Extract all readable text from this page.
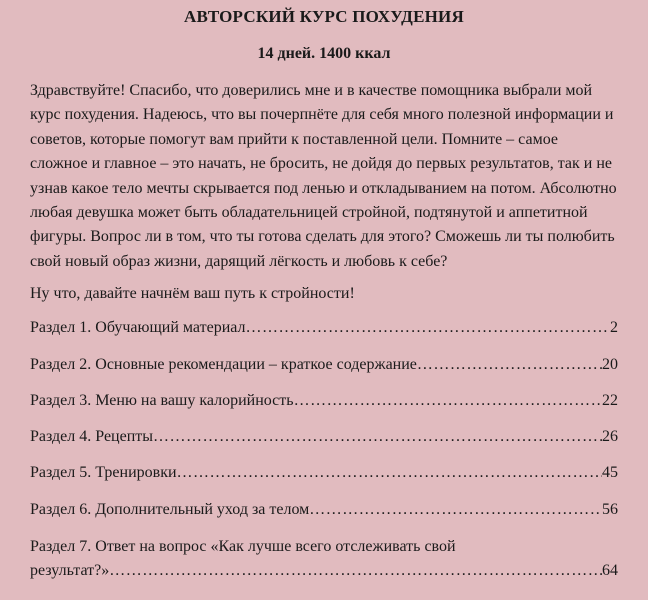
АВТОРСКИЙ КУРС ПОХУДЕНИЯ
14 дней. 1400 ккал

Здравствуйте! Спасибо, что доверились мне и в качестве помощника выбрали мой курс похудения. Надеюсь, что вы почерпнёте для себя много полезной информации и советов, которые помогут вам прийти к поставленной цели. Помните – самое сложное и главное – это начать, не бросить, не дойдя до первых результатов, так и не узнав какое тело мечты скрывается под ленью и откладыванием на потом. Абсолютно любая девушка может быть обладательницей стройной, подтянутой и аппетитной фигуры. Вопрос ли в том, что ты готова сделать для этого? Сможешь ли ты полюбить свой новый образ жизни, дарящий лёгкость и любовь к себе?

Ну что, давайте начнём ваш путь к стройности!

Раздел 1. Обучающий материал …………………………………………………………………………………………………………………………………………………………………………………	2
Раздел 2. Основные рекомендации – краткое содержание …………………………………………………………………………………………………………………………………………………………………………………	20
Раздел 3. Меню на вашу калорийность …………………………………………………………………………………………………………………………………………………………………………………	22
Раздел 4. Рецепты …………………………………………………………………………………………………………………………………………………………………………………	26
Раздел 5. Тренировки …………………………………………………………………………………………………………………………………………………………………………………	45
Раздел 6. Дополнительный уход за телом …………………………………………………………………………………………………………………………………………………………………………………	56
Раздел 7. Ответ на вопрос «Как лучше всего отслеживать свой
результат?» …………………………………………………………………………………………………………………………………………………………………………………	64
